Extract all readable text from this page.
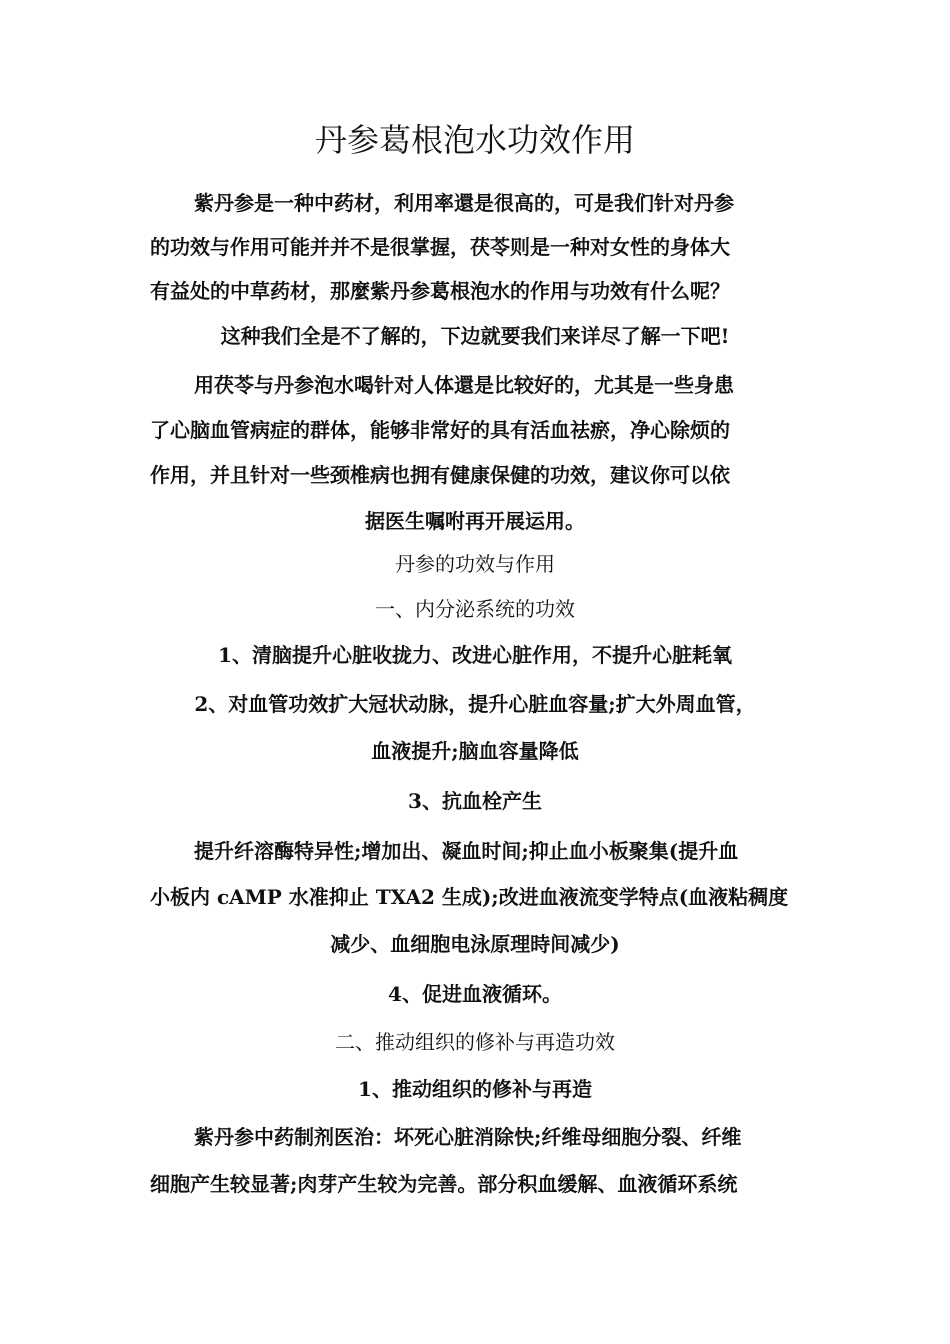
丹参葛根泡水功效作用
紫丹参是一种中药材，利用率還是很高的，可是我们针对丹参
的功效与作用可能并并不是很掌握，茯苓则是一种对女性的身体大
有益处的中草药材，那麼紫丹参葛根泡水的作用与功效有什么呢？
这种我们全是不了解的，下边就要我们来详尽了解一下吧!
用茯苓与丹参泡水喝针对人体還是比较好的，尤其是一些身患
了心脑血管病症的群体，能够非常好的具有活血祛瘀，净心除烦的
作用，并且针对一些颈椎病也拥有健康保健的功效，建议你可以依
据医生嘱咐再开展运用。
丹参的功效与作用
一、内分泌系统的功效
1、清脑提升心脏收拢力、改进心脏作用，不提升心脏耗氧
2、对血管功效扩大冠状动脉，提升心脏血容量;扩大外周血管，
血液提升;脑血容量降低
3、抗血栓产生
提升纤溶酶特异性;增加出、凝血时间;抑止血小板聚集(提升血
小板内 cAMP 水准抑止 TXA2 生成);改进血液流变学特点(血液粘稠度
减少、血细胞电泳原理時间减少)
4、促进血液循环。
二、推动组织的修补与再造功效
1、推动组织的修补与再造
紫丹参中药制剂医治：坏死心脏消除快;纤维母细胞分裂、纤维
细胞产生较显著;肉芽产生较为完善。部分积血缓解、血液循环系统
